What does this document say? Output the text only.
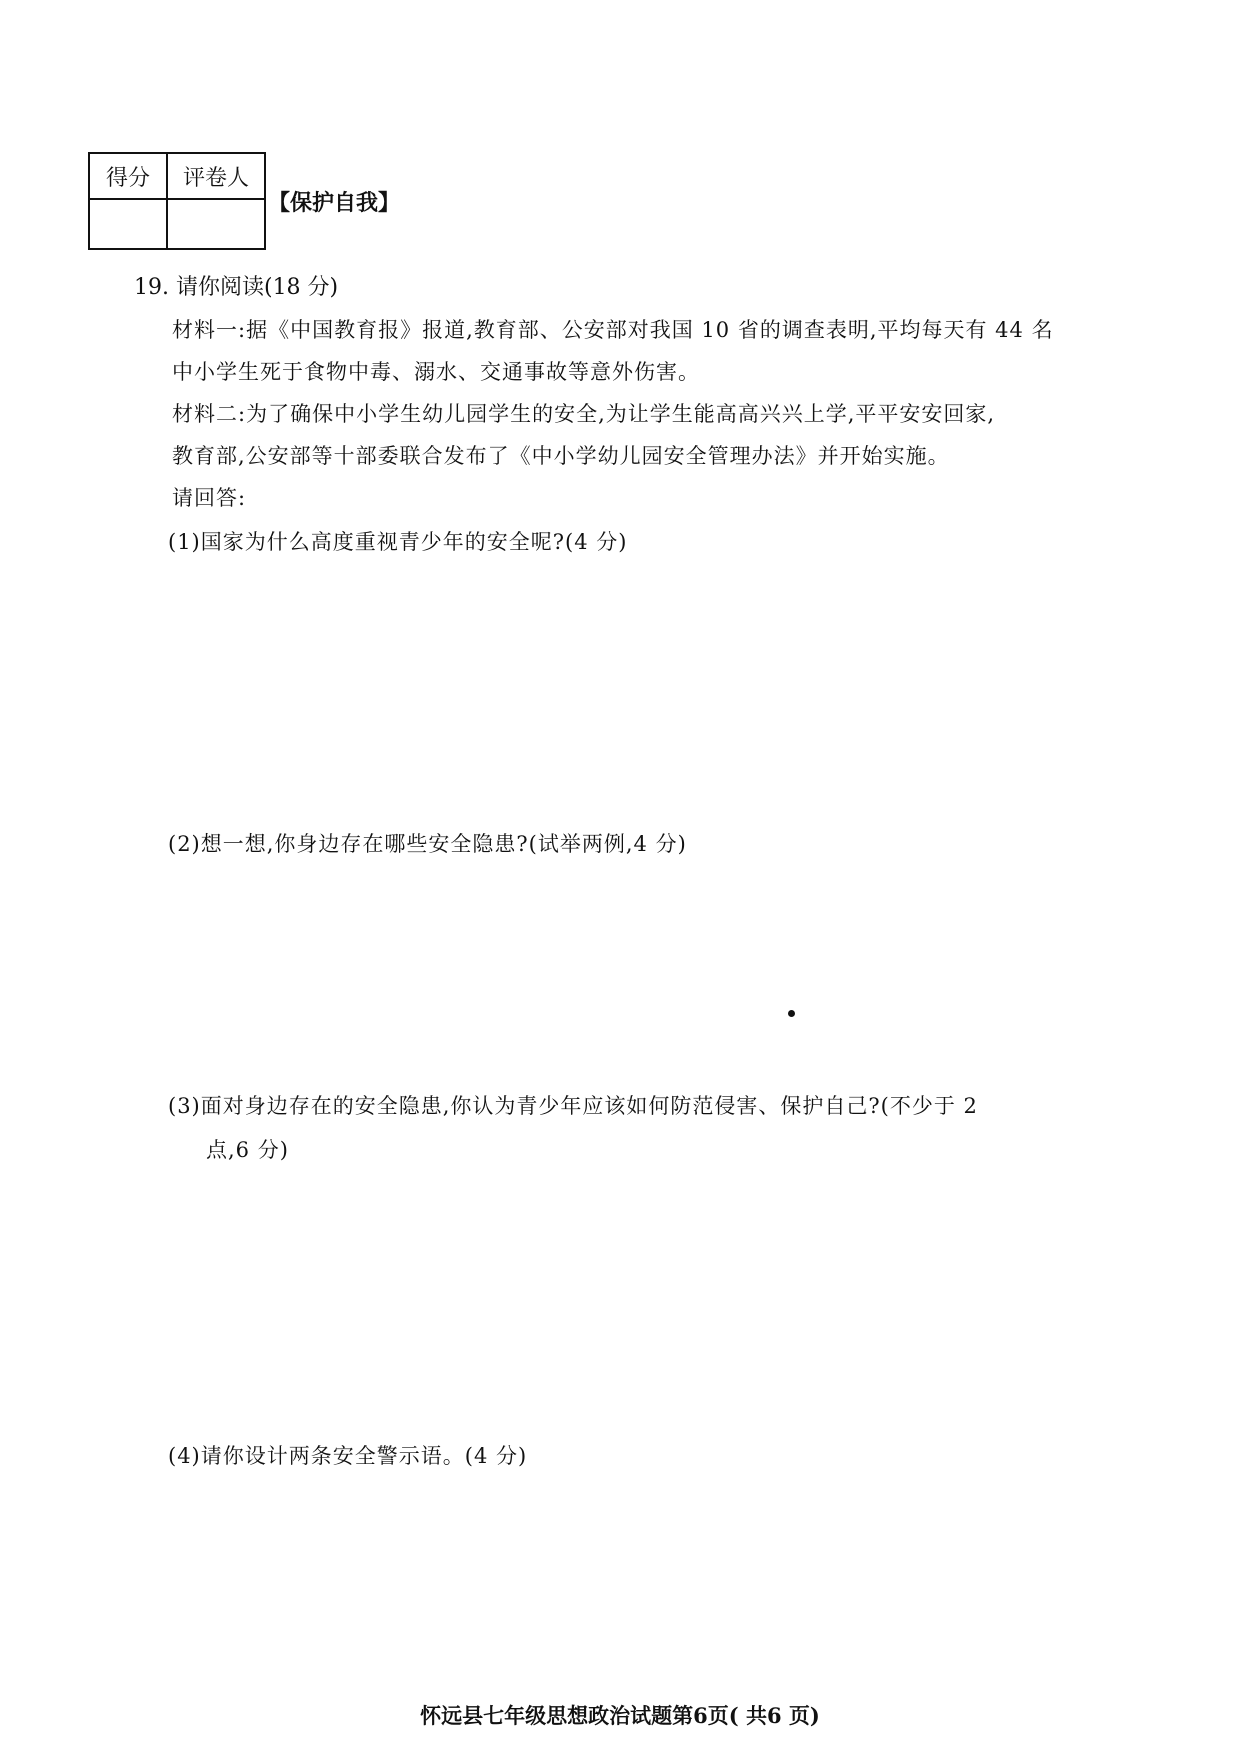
得分	评卷人

【保护自我】
19. 请你阅读(18 分)
材料一:据《中国教育报》报道,教育部、公安部对我国 10 省的调查表明,平均每天有 44 名
中小学生死于食物中毒、溺水、交通事故等意外伤害。
材料二:为了确保中小学生幼儿园学生的安全,为让学生能高高兴兴上学,平平安安回家,
教育部,公安部等十部委联合发布了《中小学幼儿园安全管理办法》并开始实施。
请回答:
(1)国家为什么高度重视青少年的安全呢?(4 分)
(2)想一想,你身边存在哪些安全隐患?(试举两例,4 分)
(3)面对身边存在的安全隐患,你认为青少年应该如何防范侵害、保护自己?(不少于 2
点,6 分)
(4)请你设计两条安全警示语。(4 分)
怀远县七年级思想政治试题第6页( 共6 页)
